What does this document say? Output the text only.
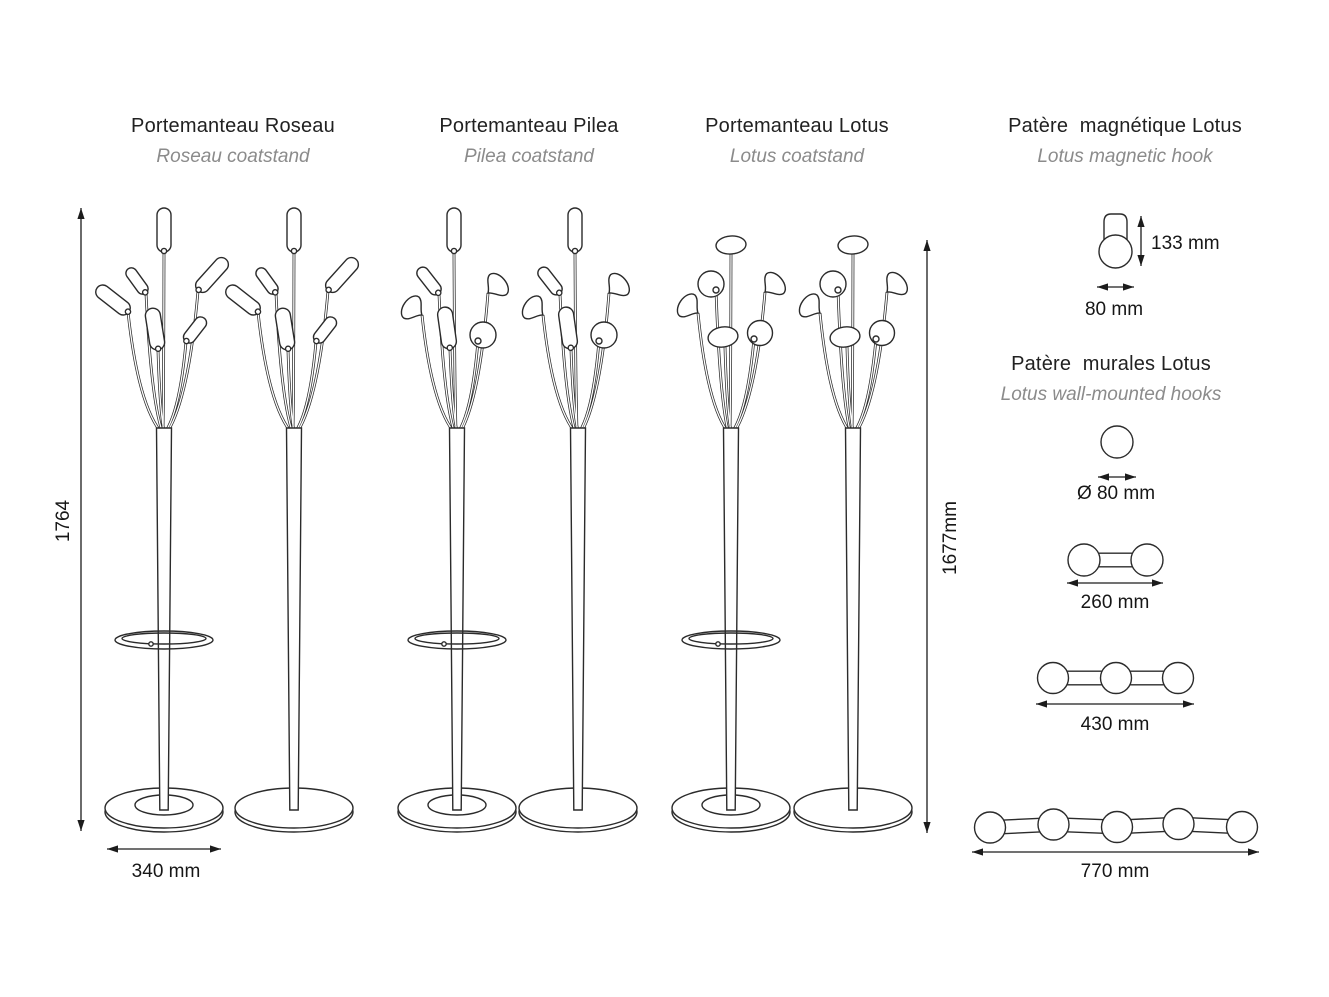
Portemanteau Roseau
Roseau coatstand
Portemanteau Pilea
Pilea coatstand
Portemanteau Lotus
Lotus coatstand
Patère  magnétique Lotus
Lotus magnetic hook
Patère  murales Lotus
Lotus wall-mounted hooks
1764
340 mm
1677mm
133 mm
80 mm
Ø 80 mm
260 mm
430 mm
770 mm
